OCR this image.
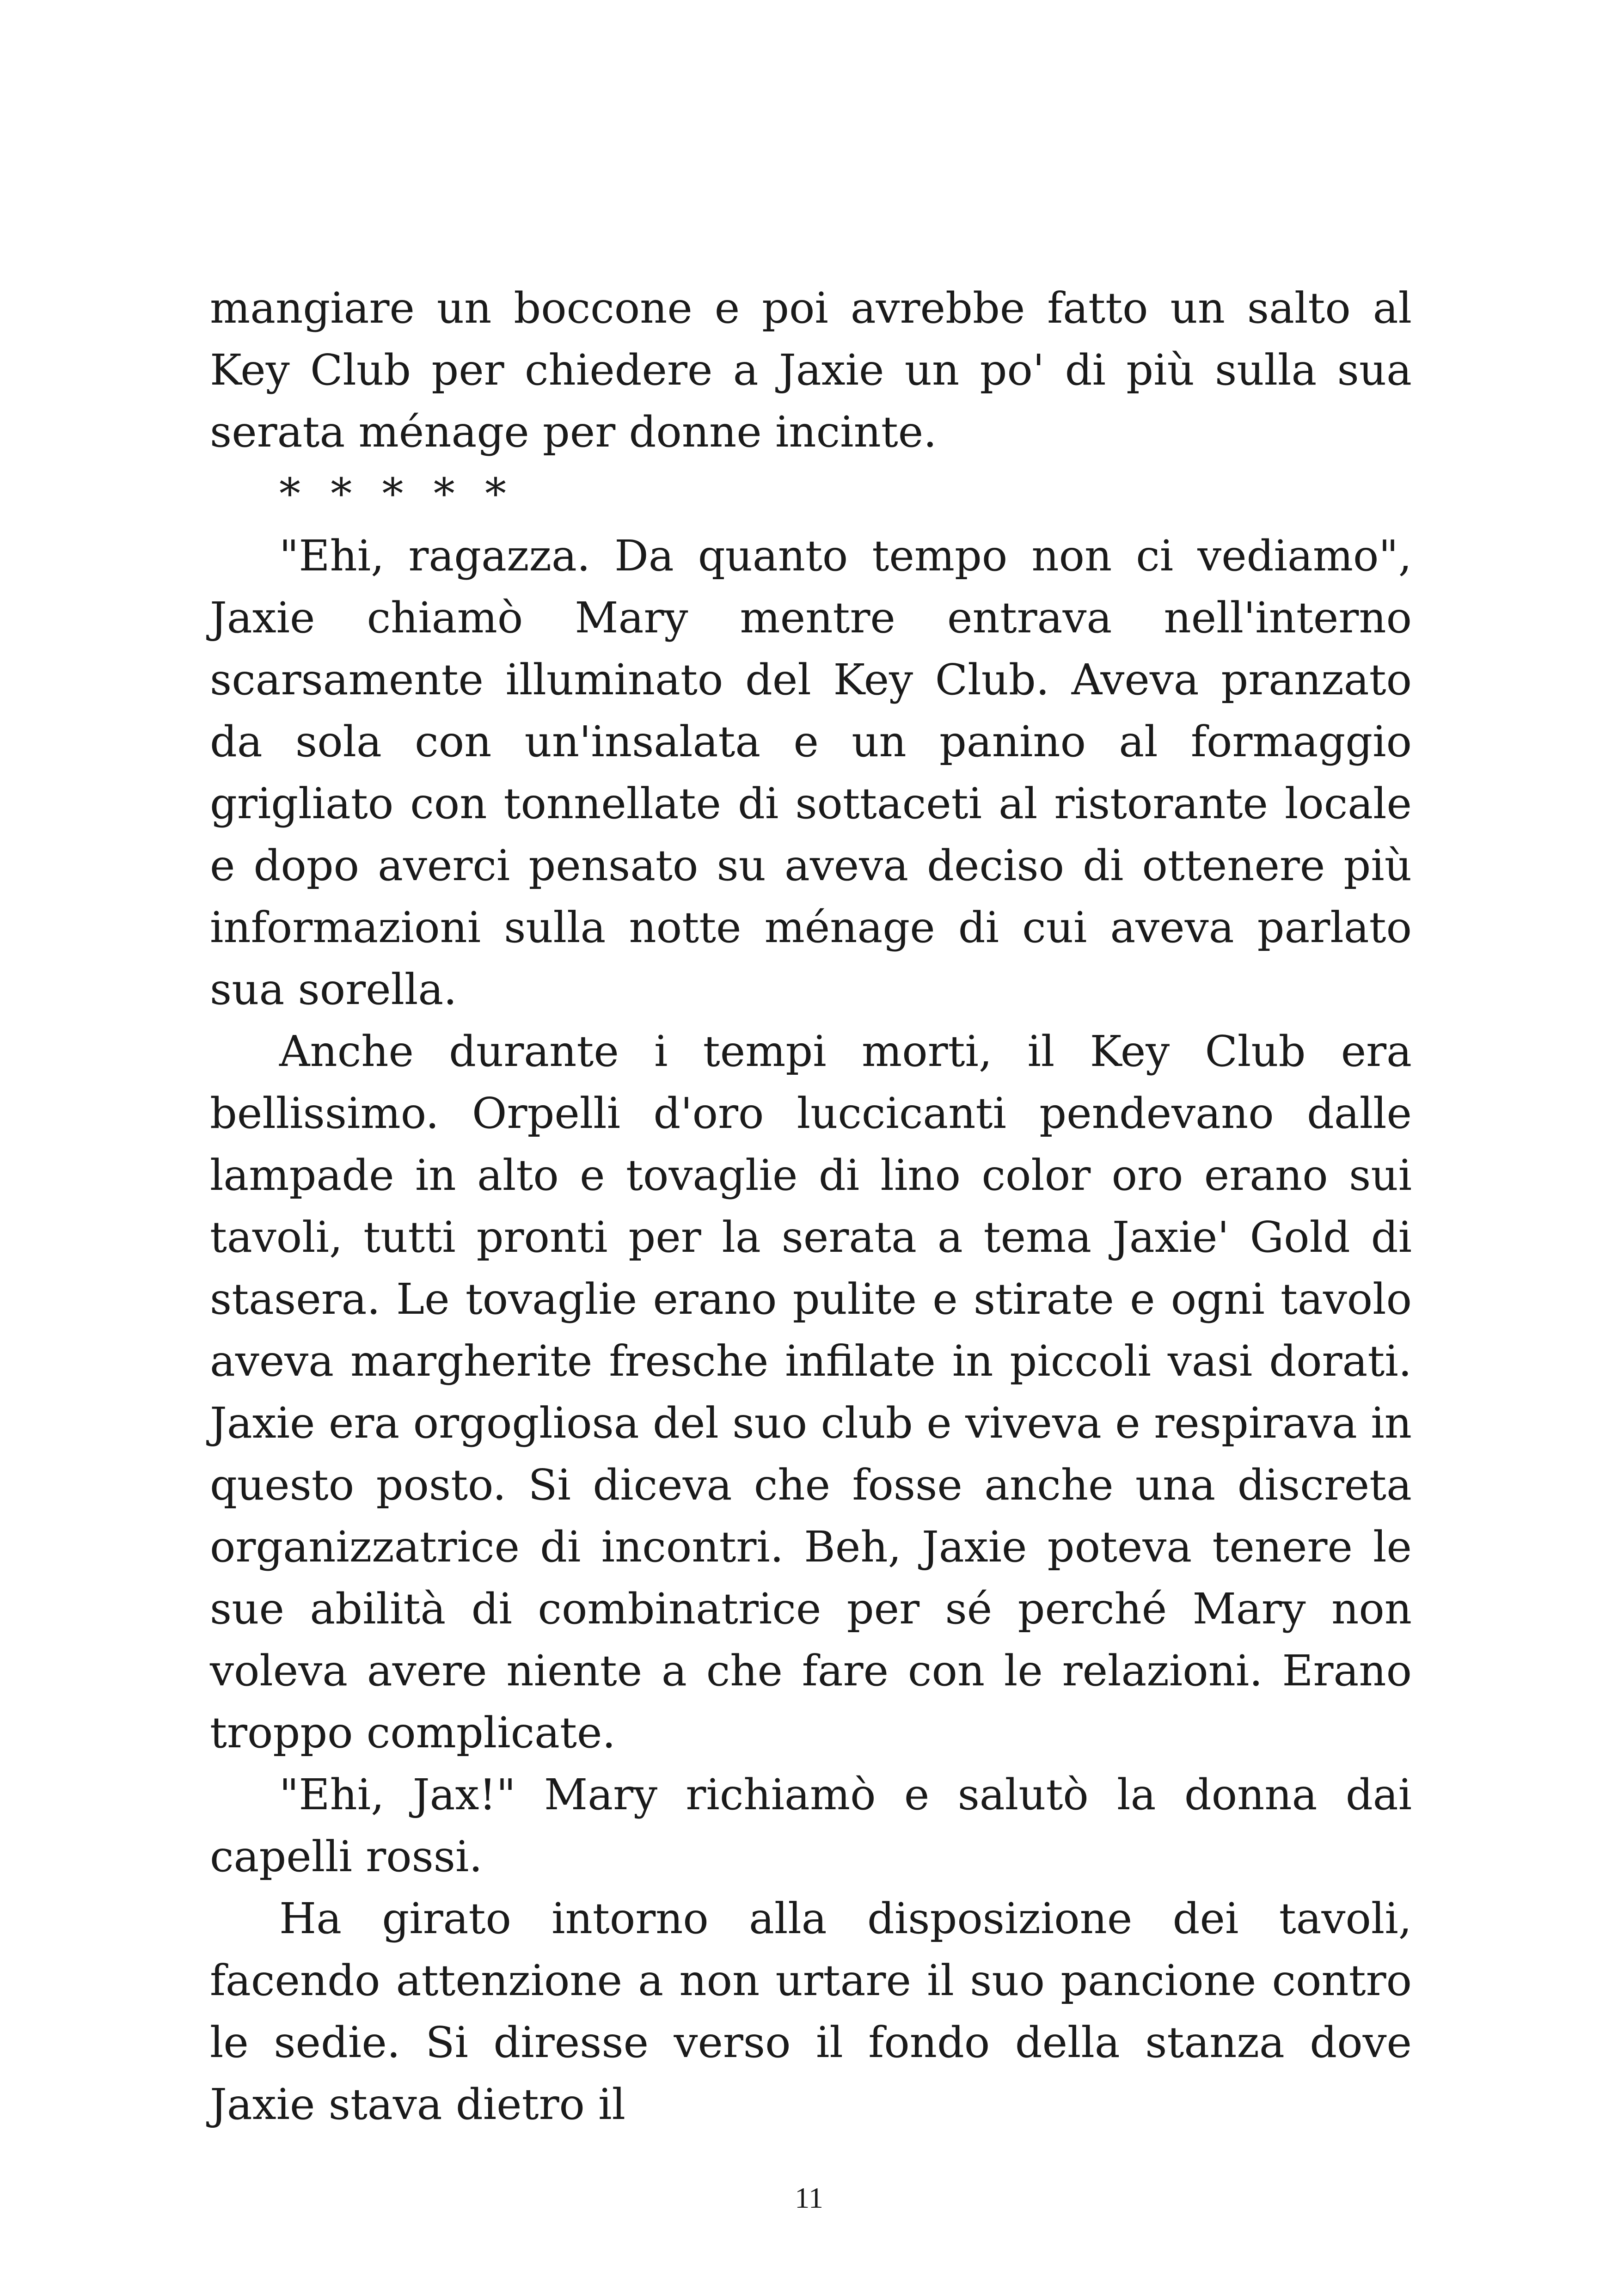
mangiare un boccone e poi avrebbe fatto un salto al Key Club per chiedere a Jaxie un po' di più sulla sua serata ménage per donne incinte.

* * * * *

"Ehi, ragazza. Da quanto tempo non ci vediamo", Jaxie chiamò Mary mentre entrava nell'interno scarsamente illuminato del Key Club. Aveva pranzato da sola con un'insalata e un panino al formaggio grigliato con tonnellate di sottaceti al ristorante locale e dopo averci pensato su aveva deciso di ottenere più informazioni sulla notte ménage di cui aveva parlato sua sorella.

Anche durante i tempi morti, il Key Club era bellissimo. Orpelli d'oro luccicanti pendevano dalle lampade in alto e tovaglie di lino color oro erano sui tavoli, tutti pronti per la serata a tema Jaxie' Gold di stasera. Le tovaglie erano pulite e stirate e ogni tavolo aveva margherite fresche infilate in piccoli vasi dorati. Jaxie era orgogliosa del suo club e viveva e respirava in questo posto. Si diceva che fosse anche una discreta organizzatrice di incontri. Beh, Jaxie poteva tenere le sue abilità di combinatrice per sé perché Mary non voleva avere niente a che fare con le relazioni. Erano troppo complicate.

"Ehi, Jax!" Mary richiamò e salutò la donna dai capelli rossi.

Ha girato intorno alla disposizione dei tavoli, facendo attenzione a non urtare il suo pancione contro le sedie. Si diresse verso il fondo della stanza dove Jaxie stava dietro il

11
